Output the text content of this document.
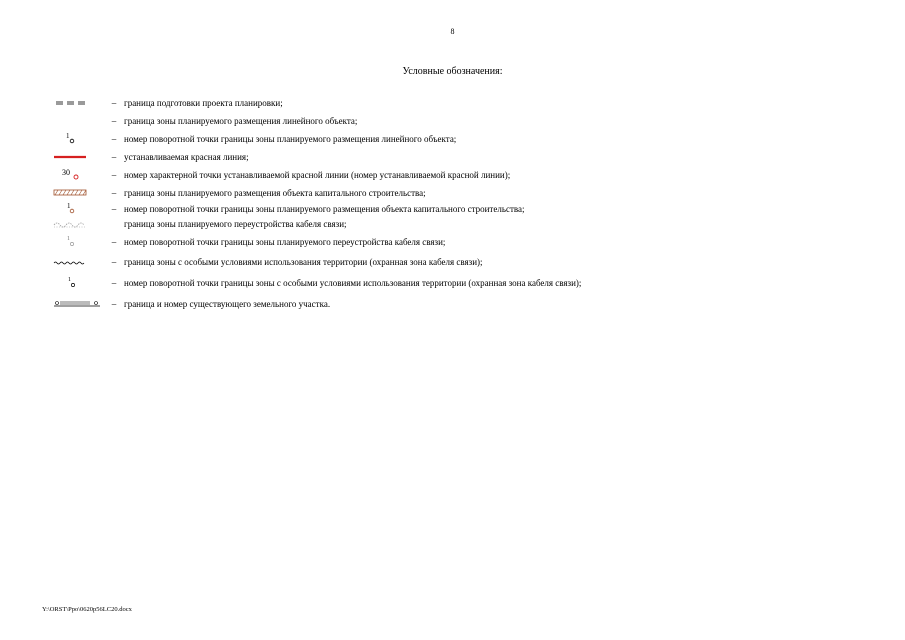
8
Условные обозначения:
– граница подготовки проекта планировки;
– граница зоны планируемого размещения линейного объекта;
1	– номер поворотной точки границы зоны планируемого размещения линейного объекта;
– устанавливаемая красная линия;
30	– номер характерной точки устанавливаемой красной линии (номер устанавливаемой красной линии);
– граница зоны планируемого размещения объекта капитального строительства;
1	– номер поворотной точки границы зоны планируемого размещения объекта капитального строительства;
граница зоны планируемого переустройства кабеля связи;
1	– номер поворотной точки границы зоны планируемого переустройства кабеля связи;
– граница зоны с особыми условиями использования территории (охранная зона кабеля связи);
1	– номер поворотной точки границы зоны с особыми условиями использования территории (охранная зона кабеля связи);
– граница и номер существующего земельного участка.
Y:\ORST\Ppo\0620p56LC20.docx
